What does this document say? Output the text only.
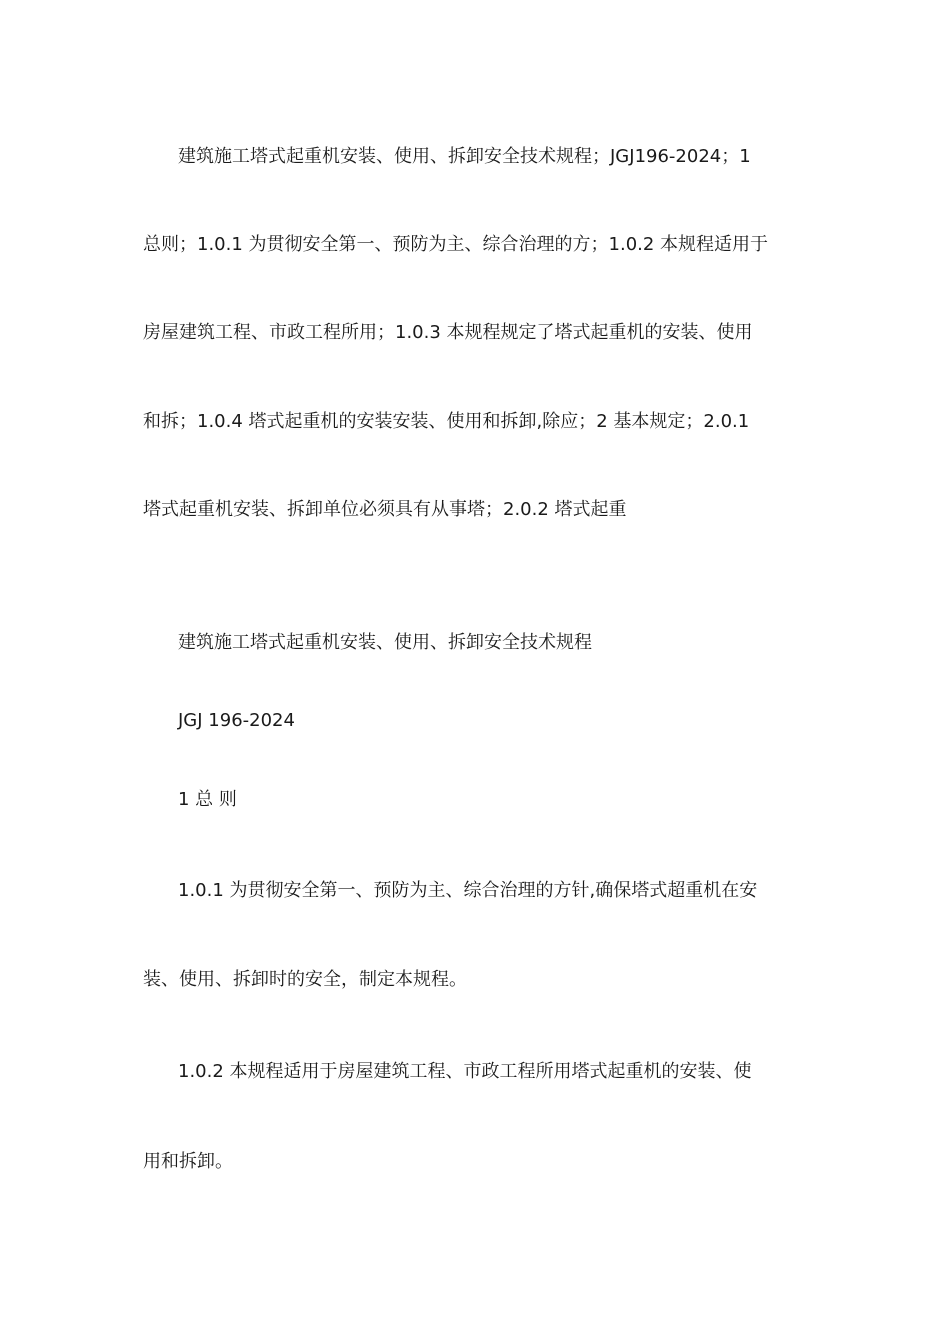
建筑施工塔式起重机安装、使用、拆卸安全技术规程；JGJ196-2024；1
总则；1.0.1 为贯彻安全第一、预防为主、综合治理的方；1.0.2 本规程适用于
房屋建筑工程、市政工程所用；1.0.3 本规程规定了塔式起重机的安装、使用
和拆；1.0.4 塔式起重机的安装安装、使用和拆卸,除应；2 基本规定；2.0.1
塔式起重机安装、拆卸单位必须具有从事塔；2.0.2 塔式起重
建筑施工塔式起重机安装、使用、拆卸安全技术规程
JGJ 196-2024
1 总 则
1.0.1 为贯彻安全第一、预防为主、综合治理的方针,确保塔式超重机在安
装、使用、拆卸时的安全，制定本规程。
1.0.2 本规程适用于房屋建筑工程、市政工程所用塔式起重机的安装、使
用和拆卸。
